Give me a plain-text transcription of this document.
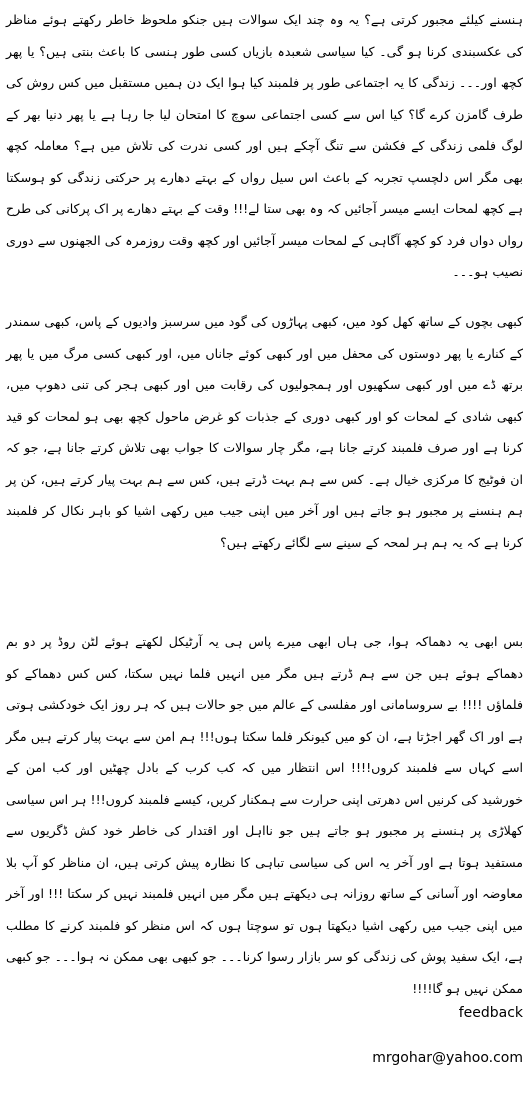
ہنسنے کیلئے مجبور کرتی ہے؟ یہ وہ چند ایک سوالات ہیں جنکو ملحوظ خاطر رکھتے ہوئے مناظر کی عکسبندی کرنا ہو گی۔ کیا سیاسی شعبدہ بازیاں کسی طور ہنسی کا باعث بنتی ہیں؟ یا پھر کچھ اور۔۔۔ زندگی کا یہ اجتماعی طور پر فلمبند کیا ہوا ایک دن ہمیں مستقبل میں کس روش کی طرف گامزن کرے گا؟ کیا اس سے کسی اجتماعی سوچ کا امتحان لیا جا رہا ہے یا پھر دنیا بھر کے لوگ فلمی زندگی کے فکشن سے تنگ آچکے ہیں اور کسی ندرت کی تلاش میں ہے؟ معاملہ کچھ بھی مگر اس دلچسپ تجربہ کے باعث اس سیل رواں کے بہتے دھارے پر حرکتی زندگی کو ہوسکتا ہے کچھ لمحات ایسے میسر آجائیں کہ وہ بھی ستا لے!!! وقت کے بہتے دھارے پر اک پرکانی کی طرح رواں دواں فرد کو کچھ آگاہی کے لمحات میسر آجائیں اور کچھ وقت روزمرہ کی الجھنوں سے دوری نصیب ہو۔۔۔
کبھی بچوں کے ساتھ کھل کود میں، کبھی پہاڑوں کی گود میں سرسبز وادیوں کے پاس، کبھی سمندر کے کنارے یا پھر دوستوں کی محفل میں اور کبھی کوئے جاناں میں، اور کبھی کسی مرگ میں یا پھر برتھ ڈے میں اور کبھی سکھیوں اور ہمجولیوں کی رقابت میں اور کبھی ہجر کی تنی دھوپ میں، کبھی شادی کے لمحات کو اور کبھی دوری کے جذبات کو غرض ماحول کچھ بھی ہو لمحات کو قید کرنا ہے اور صرف فلمبند کرتے جانا ہے، مگر چار سوالات کا جواب بھی تلاش کرتے جانا ہے، جو کہ ان فوٹیج کا مرکزی خیال ہے۔ کس سے ہم بہت ڈرتے ہیں، کس سے ہم بہت پیار کرتے ہیں، کن پر ہم ہنسنے پر مجبور ہو جاتے ہیں اور آخر میں اپنی جیب میں رکھی اشیا کو باہر نکال کر فلمبند کرنا ہے کہ یہ ہم ہر لمحہ کے سینے سے لگائے رکھتے ہیں؟
بس ابھی یہ دھماکہ ہوا، جی ہاں ابھی میرے پاس ہی یہ آرٹیکل لکھتے ہوئے لٹن روڈ پر دو بم دھماکے ہوئے ہیں جن سے ہم ڈرتے ہیں مگر میں انہیں فلما نہیں سکتا، کس کس دھماکے کو فلماؤں !!!! بے سروسامانی اور مفلسی کے عالم میں جو حالات ہیں کہ ہر روز ایک خودکشی ہوتی ہے اور اک گھر اجڑتا ہے، ان کو میں کیونکر فلما سکتا ہوں!!! ہم امن سے بہت پیار کرتے ہیں مگر اسے کہاں سے فلمبند کروں!!!! اس انتظار میں کہ کب کرب کے بادل چھٹیں اور کب امن کے خورشید کی کرنیں اس دھرتی اپنی حرارت سے ہمکنار کریں، کیسے فلمبند کروں!!! ہر اس سیاسی کھلاڑی پر ہنسنے پر مجبور ہو جاتے ہیں جو نااہل اور اقتدار کی خاطر خود کش ڈگریوں سے مستفید ہوتا ہے اور آخر یہ اس کی سیاسی تباہی کا نظارہ پیش کرتی ہیں، ان مناظر کو آپ بلا معاوضہ اور آسانی کے ساتھ روزانہ ہی دیکھتے ہیں مگر میں انہیں فلمبند نہیں کر سکتا !!! اور آخر میں اپنی جیب میں رکھی اشیا دیکھتا ہوں تو سوچتا ہوں کہ اس منظر کو فلمبند کرنے کا مطلب ہے، ایک سفید پوش کی زندگی کو سر بازار رسوا کرنا۔۔۔ جو کبھی بھی ممکن نہ ہوا۔۔۔ جو کبھی ممکن نہیں ہو گا!!!!
feedback
mrgohar@yahoo.com
